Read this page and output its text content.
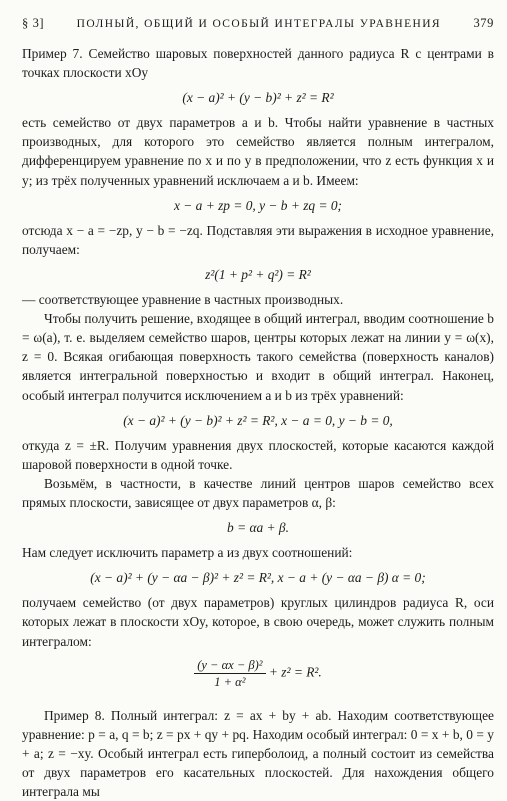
§ 3]	ПОЛНЫЙ, ОБЩИЙ И ОСОБЫЙ ИНТЕГРАЛЫ УРАВНЕНИЯ	379

Пример 7. Семейство шаровых поверхностей данного радиуса R с центрами в точках плоскости xOy

(x − a)² + (y − b)² + z² = R²

есть семейство от двух параметров a и b. Чтобы найти уравнение в частных производных, для которого это семейство является полным интегралом, дифференцируем уравнение по x и по y в предположении, что z есть функция x и y; из трёх полученных уравнений исключаем a и b. Имеем:

x − a + zp = 0, y − b + zq = 0;

отсюда x − a = −zp, y − b = −zq. Подставляя эти выражения в исходное уравнение, получаем:

z²(1 + p² + q²) = R²

— соответствующее уравнение в частных производных.

Чтобы получить решение, входящее в общий интеграл, вводим соотношение b = ω(a), т. е. выделяем семейство шаров, центры которых лежат на линии y = ω(x), z = 0. Всякая огибающая поверхность такого семейства (поверхность каналов) является интегральной поверхностью и входит в общий интеграл. Наконец, особый интеграл получится исключением a и b из трёх уравнений:

(x − a)² + (y − b)² + z² = R², x − a = 0, y − b = 0,

откуда z = ±R. Получим уравнения двух плоскостей, которые касаются каждой шаровой поверхности в одной точке.

Возьмём, в частности, в качестве линий центров шаров семейство всех прямых плоскости, зависящее от двух параметров α, β:

b = αa + β.

Нам следует исключить параметр a из двух соотношений:

(x − a)² + (y − αa − β)² + z² = R², x − a + (y − αa − β) α = 0;

получаем семейство (от двух параметров) круглых цилиндров радиуса R, оси которых лежат в плоскости xOy, которое, в свою очередь, может служить полным интегралом:

$\frac{\text{(y − αx − β)²}}{\text{1 + α²}} + z^2 = R^2$.

Пример 8. Полный интеграл: z = ax + by + ab. Находим соответствующее уравнение: p = a, q = b; z = px + qy + pq. Находим особый интеграл: 0 = x + b, 0 = y + a; z = −xy. Особый интеграл есть гиперболоид, а полный состоит из семейства от двух параметров его касательных плоскостей. Для нахождения общего интеграла мы
